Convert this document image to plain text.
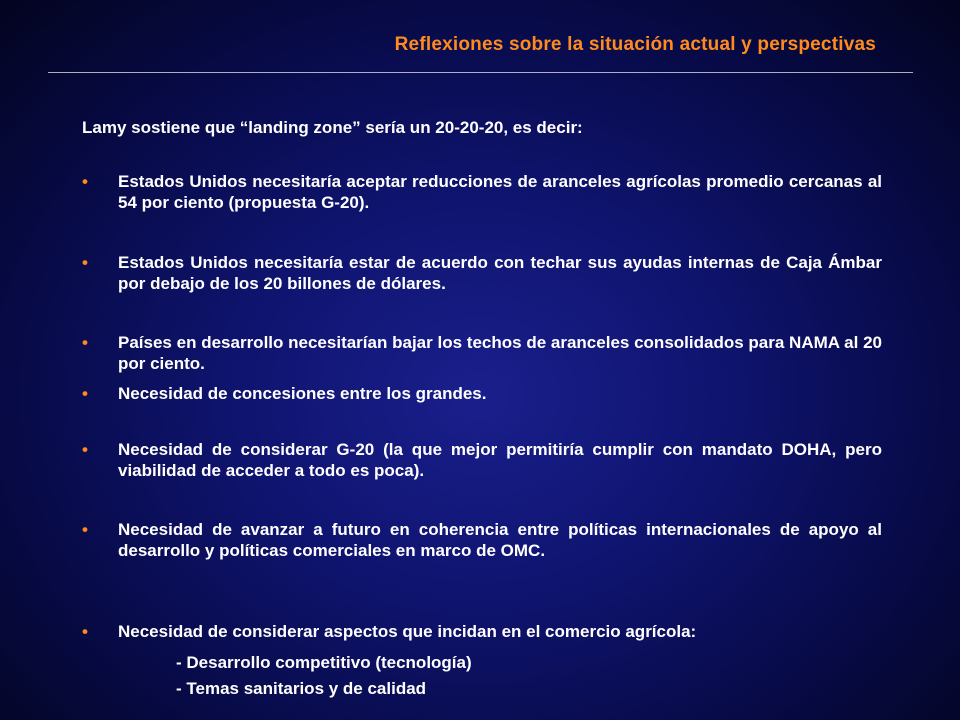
Reflexiones sobre la situación actual y perspectivas

Lamy sostiene que “landing zone” sería un 20-20-20, es decir:

• Estados Unidos necesitaría aceptar reducciones de aranceles agrícolas promedio cercanas al 54 por ciento (propuesta G-20).
• Estados Unidos necesitaría estar de acuerdo con techar sus ayudas internas de Caja Ámbar por debajo de los 20 billones de dólares.
• Países en desarrollo necesitarían bajar los techos de aranceles consolidados para NAMA al 20 por ciento.
• Necesidad de concesiones entre los grandes.
• Necesidad de considerar G-20 (la que mejor permitiría cumplir con mandato DOHA, pero viabilidad de acceder a todo es poca).
• Necesidad de avanzar a futuro en coherencia entre políticas internacionales de apoyo al desarrollo y políticas comerciales en marco de OMC.
• Necesidad de considerar aspectos que incidan en el comercio agrícola:

- Desarrollo competitivo (tecnología)

- Temas sanitarios y de calidad
